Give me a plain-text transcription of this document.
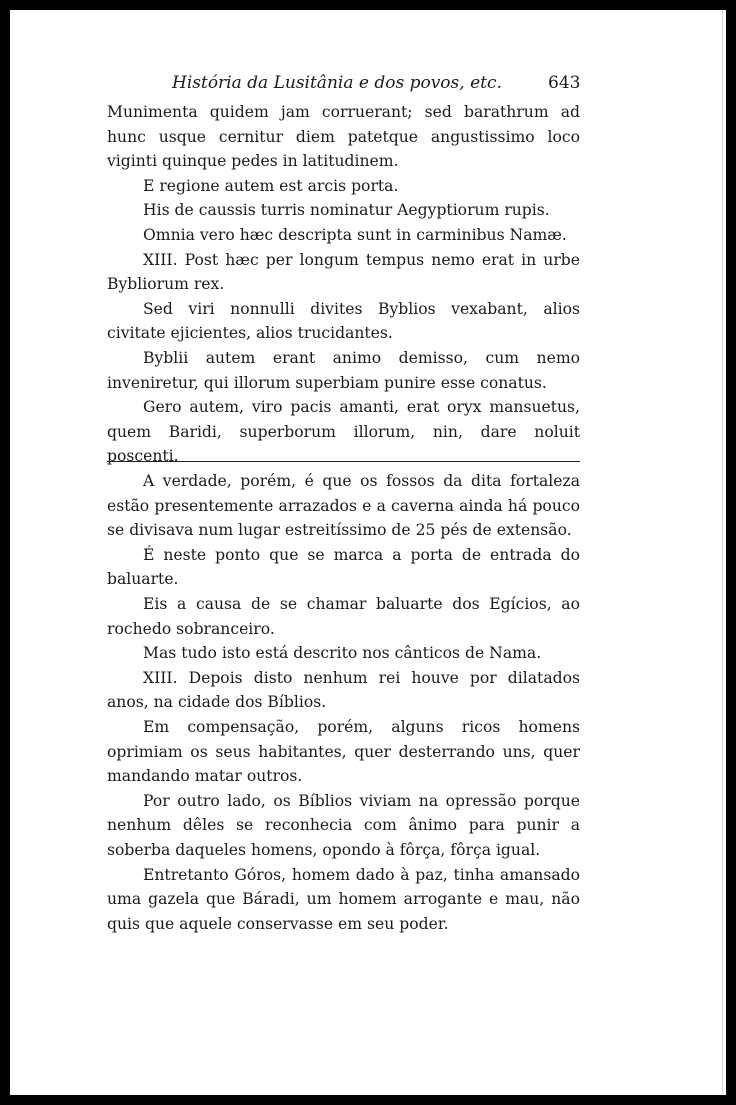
História da Lusitânia e dos povos, etc.	643

Munimenta quidem jam corruerant; sed barathrum ad hunc usque cernitur diem patetque angustissimo loco viginti quinque pedes in latitudinem.

E regione autem est arcis porta.

His de caussis turris nominatur Aegyptiorum rupis.

Omnia vero hæc descripta sunt in carminibus Namæ.

XIII. Post hæc per longum tempus nemo erat in urbe Bybliorum rex.

Sed viri nonnulli divites Byblios vexabant, alios civitate ejicientes, alios trucidantes.

Byblii autem erant animo demisso, cum nemo inveniretur, qui illorum superbiam punire esse conatus.

Gero autem, viro pacis amanti, erat oryx mansuetus, quem Baridi, superborum illorum, nin, dare noluit poscenti.

A verdade, porém, é que os fossos da dita fortaleza estão presentemente arrazados e a caverna ainda há pouco se divisava num lugar estreitíssimo de 25 pés de extensão.

É neste ponto que se marca a porta de entrada do baluarte.

Eis a causa de se chamar baluarte dos Egícios, ao rochedo sobranceiro.

Mas tudo isto está descrito nos cânticos de Nama.

XIII. Depois disto nenhum rei houve por dilatados anos, na cidade dos Bíblios.

Em compensação, porém, alguns ricos homens oprimiam os seus habitantes, quer desterrando uns, quer mandando matar outros.

Por outro lado, os Bíblios viviam na opressão porque nenhum dêles se reconhecia com ânimo para punir a soberba daqueles homens, opondo à fôrça, fôrça igual.

Entretanto Góros, homem dado à paz, tinha amansado uma gazela que Báradi, um homem arrogante e mau, não quis que aquele conservasse em seu poder.
